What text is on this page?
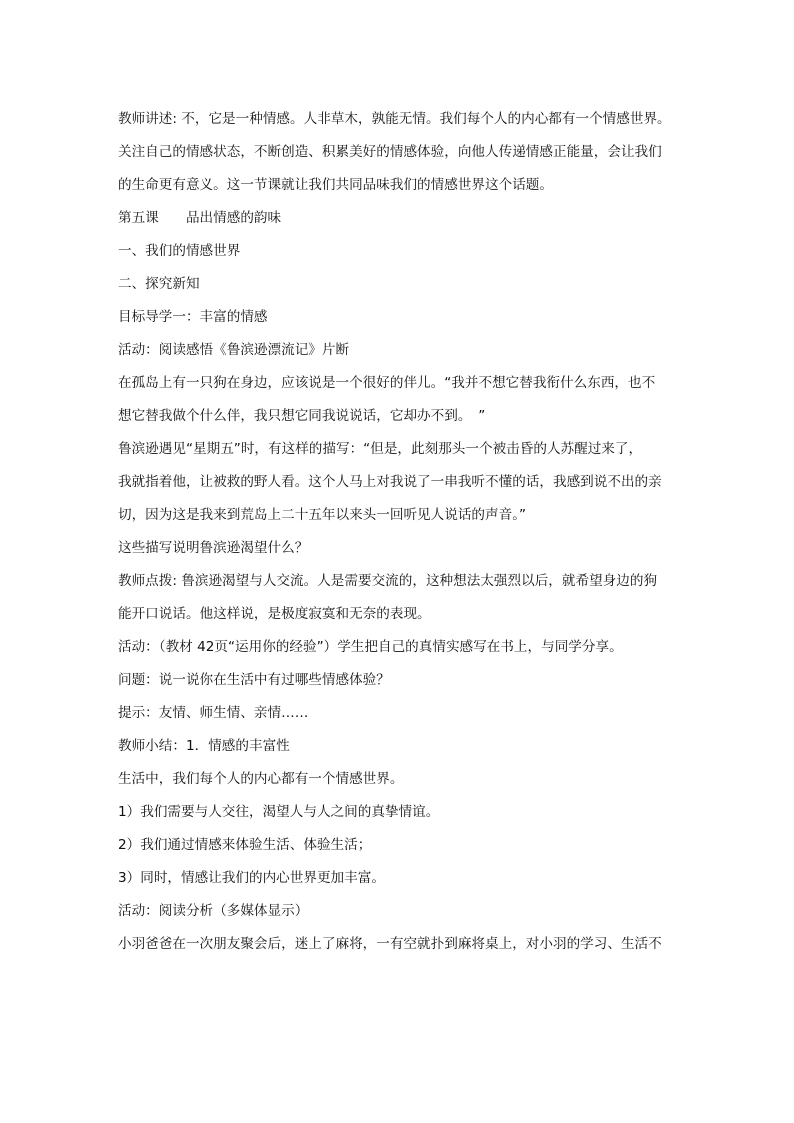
教师讲述: 不，它是一种情感。人非草木，孰能无情。我们每个人的内心都有一个情感世界。
关注自己的情感状态，不断创造、积累美好的情感体验，向他人传递情感正能量，会让我们
的生命更有意义。这一节课就让我们共同品味我们的情感世界这个话题。
第五课　　品出情感的韵味
一、我们的情感世界
二、探究新知
目标导学一：丰富的情感
活动：阅读感悟《鲁滨逊漂流记》片断
在孤岛上有一只狗在身边，应该说是一个很好的伴儿。“我并不想它替我衔什么东西，也不
想它替我做个什么伴，我只想它同我说说话，它却办不到。　”
鲁滨逊遇见“星期五”时，有这样的描写：“但是，此刻那头一个被击昏的人苏醒过来了，
我就指着他，让被救的野人看。这个人马上对我说了一串我听不懂的话，我感到说不出的亲
切，因为这是我来到荒岛上二十五年以来头一回听见人说话的声音。”
这些描写说明鲁滨逊渴望什么？
教师点拨: 鲁滨逊渴望与人交流。人是需要交流的，这种想法太强烈以后，就希望身边的狗
能开口说话。他这样说，是极度寂寞和无奈的表现。
活动：（教材 42页“运用你的经验”）学生把自己的真情实感写在书上，与同学分享。
问题：说一说你在生活中有过哪些情感体验？
提示：友情、师生情、亲情……
教师小结：1．情感的丰富性
生活中，我们每个人的内心都有一个情感世界。
1）我们需要与人交往，渴望人与人之间的真挚情谊。
2）我们通过情感来体验生活、体验生活；
3）同时，情感让我们的内心世界更加丰富。
活动：阅读分析（多媒体显示）
小羽爸爸在一次朋友聚会后，迷上了麻将，一有空就扑到麻将桌上，对小羽的学习、生活不
